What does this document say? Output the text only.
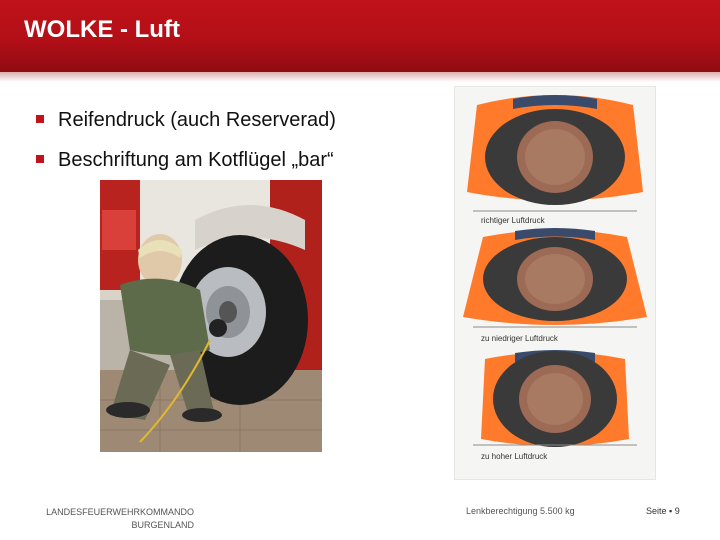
WOLKE - Luft
Reifendruck (auch Reserverad)
Beschriftung am Kotflügel „bar“
richtiger Luftdruck
zu niedriger Luftdruck
zu hoher Luftdruck
LANDESFEUERWEHRKOMMANDO
BURGENLAND
Lenkberechtigung 5.500 kg	Seite ▪ 9
